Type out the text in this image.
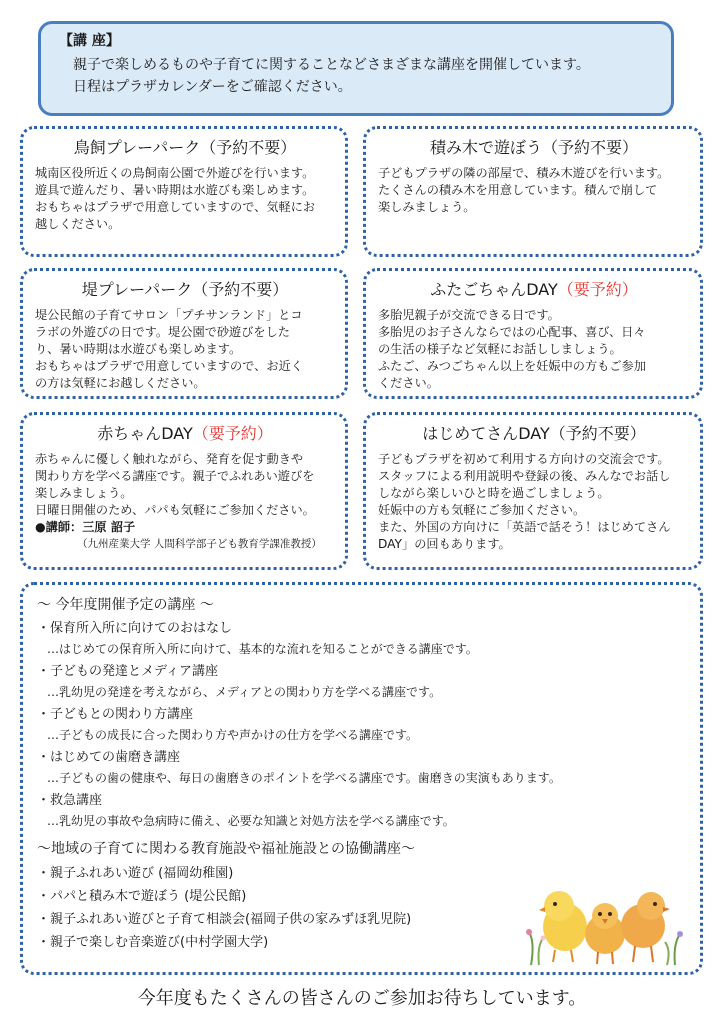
【講 座】
親子で楽しめるものや子育てに関することなどさまざまな講座を開催しています。
日程はプラザカレンダーをご確認ください。
鳥飼プレーパーク（予約不要）
城南区役所近くの鳥飼南公園で外遊びを行います。
遊具で遊んだり、暑い時期は水遊びも楽しめます。
おもちゃはプラザで用意していますので、気軽にお
越しください。
積み木で遊ぼう（予約不要）
子どもプラザの隣の部屋で、積み木遊びを行います。
たくさんの積み木を用意しています。積んで崩して
楽しみましょう。
堤プレーパーク（予約不要）
堤公民館の子育てサロン「プチサンランド」とコ
ラボの外遊びの日です。堤公園で砂遊びをした
り、暑い時期は水遊びも楽しめます。
おもちゃはプラザで用意していますので、お近く
の方は気軽にお越しください。
ふたごちゃんDAY（要予約）
多胎児親子が交流できる日です。
多胎児のお子さんならではの心配事、喜び、日々
の生活の様子など気軽にお話ししましょう。
ふたご、みつごちゃん以上を妊娠中の方もご参加
ください。
赤ちゃんDAY（要予約）
赤ちゃんに優しく触れながら、発育を促す動きや
関わり方を学べる講座です。親子でふれあい遊びを
楽しみましょう。
日曜日開催のため、パパも気軽にご参加ください。
●講師：三原 詔子
（九州産業大学 人間科学部子ども教育学課准教授）
はじめてさんDAY（予約不要）
子どもプラザを初めて利用する方向けの交流会です。
スタッフによる利用説明や登録の後、みんなでお話し
しながら楽しいひと時を過ごしましょう。
妊娠中の方も気軽にご参加ください。
また、外国の方向けに「英語で話そう！はじめてさん
DAY」の回もあります。
～ 今年度開催予定の講座 ～
・保育所入所に向けてのおはなし
…はじめての保育所入所に向けて、基本的な流れを知ることができる講座です。
・子どもの発達とメディア講座
…乳幼児の発達を考えながら、メディアとの関わり方を学べる講座です。
・子どもとの関わり方講座
…子どもの成長に合った関わり方や声かけの仕方を学べる講座です。
・はじめての歯磨き講座
…子どもの歯の健康や、毎日の歯磨きのポイントを学べる講座です。歯磨きの実演もあります。
・救急講座
…乳幼児の事故や急病時に備え、必要な知識と対処方法を学べる講座です。
～地域の子育てに関わる教育施設や福祉施設との協働講座～
・親子ふれあい遊び (福岡幼稚園)
・パパと積み木で遊ぼう (堤公民館)
・親子ふれあい遊びと子育て相談会(福岡子供の家みずほ乳児院)
・親子で楽しむ音楽遊び(中村学園大学)
今年度もたくさんの皆さんのご参加お待ちしています。
